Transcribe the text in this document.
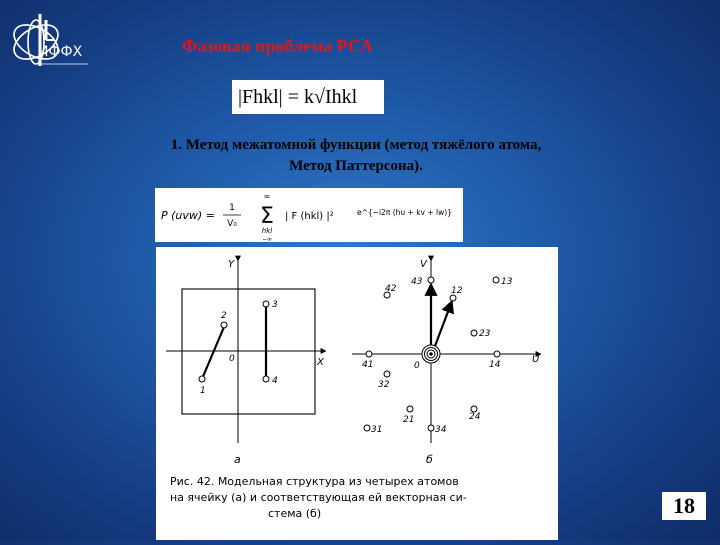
ИФФХ	Фазовая проблема РСА
|Fhkl| = k√Ihkl
1. Метод межатомной функции (метод тяжёлого атома,
Метод Паттерсона).
P (uvw) =
1
V₀
∞
Σ
hkl
−∞
| F (hkl) |²	e^{−i2π (hu + kv + lw)}
Y
X
0
1
2
3
4
а
V
U
0
43
42	12
13
23
41	14
32
21	24
31	34
б
Рис. 42. Модельная структура из четырех атомов
на ячейку (а) и соответствующая ей векторная си-
стема (б)	18
